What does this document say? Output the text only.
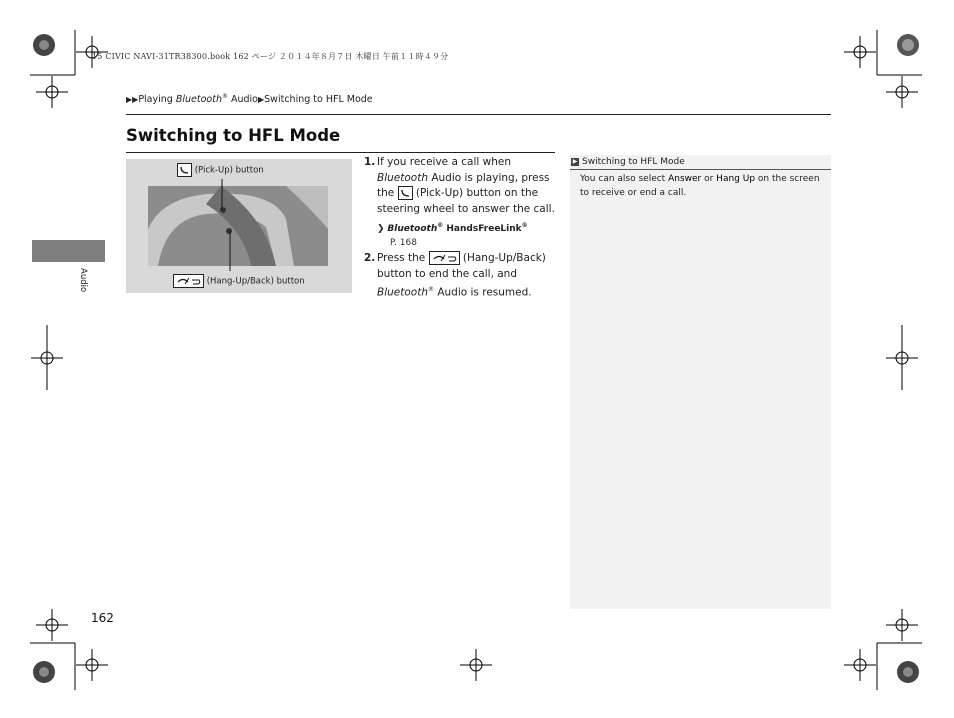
15 CIVIC NAVI-31TR38300.book 162 ページ ２０１４年８月７日 木曜日 午前１１時４９分
▶▶Playing Bluetooth® Audio▶Switching to HFL Mode
Switching to HFL Mode
Audio
(Pick-Up) button
(Hang-Up/Back) button
1. If you receive a call when Bluetooth Audio is playing, press the  (Pick-Up) button on the steering wheel to answer the call.
❯ Bluetooth® HandsFreeLink®
P. 168
2. Press the	(Hang-Up/Back) button to end the call, and Bluetooth® Audio is resumed.
▶ Switching to HFL Mode
You can also select Answer or Hang Up on the screen to receive or end a call.
162
